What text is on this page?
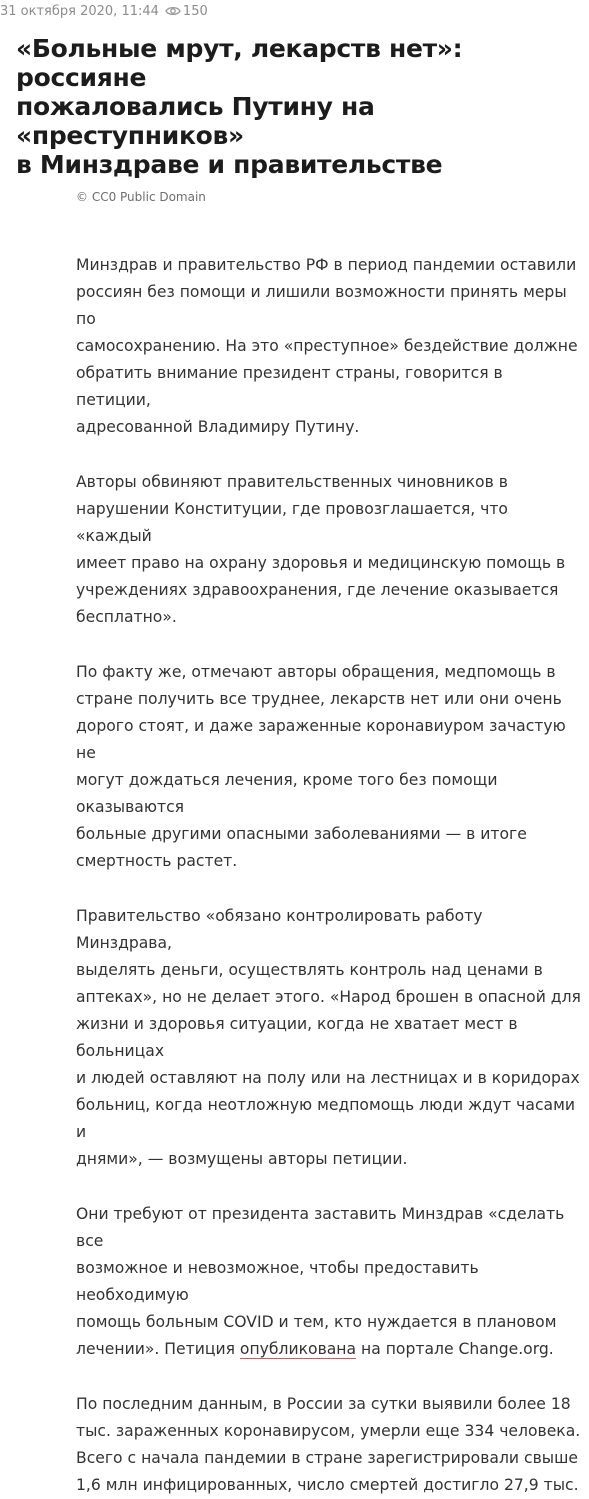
31 октября 2020, 11:44 150
«Больные мрут, лекарств нет»: россияне
пожаловались Путину на «преступников»
в Минздраве и правительстве
© CC0 Public Domain

Минздрав и правительство РФ в период пандемии оставили
россиян без помощи и лишили возможности принять меры по
самосохранению. На это «преступное» бездействие должне
обратить внимание президент страны, говорится в петиции,
адресованной Владимиру Путину.

Авторы обвиняют правительственных чиновников в
нарушении Конституции, где провозглашается, что «каждый
имеет право на охрану здоровья и медицинскую помощь в
учреждениях здравоохранения, где лечение оказывается
бесплатно».

По факту же, отмечают авторы обращения, медпомощь в
стране получить все труднее, лекарств нет или они очень
дорого стоят, и даже зараженные коронавиуром зачастую не
могут дождаться лечения, кроме того без помощи оказываются
больные другими опасными заболеваниями — в итоге
смертность растет.

Правительство «обязано контролировать работу Минздрава,
выделять деньги, осуществлять контроль над ценами в
аптеках», но не делает этого. «Народ брошен в опасной для
жизни и здоровья ситуации, когда не хватает мест в больницах
и людей оставляют на полу или на лестницах и в коридорах
больниц, когда неотложную медпомощь люди ждут часами и
днями», — возмущены авторы петиции.

Они требуют от президента заставить Минздрав «сделать все
возможное и невозможное, чтобы предоставить необходимую
помощь больным COVID и тем, кто нуждается в плановом
лечении». Петиция опубликована на портале Change.org.

По последним данным, в России за сутки выявили более 18
тыс. зараженных коронавирусом, умерли еще 334 человека.
Всего с начала пандемии в стране зарегистрировали свыше
1,6 млн инфицированных, число смертей достигло 27,9 тыс.
